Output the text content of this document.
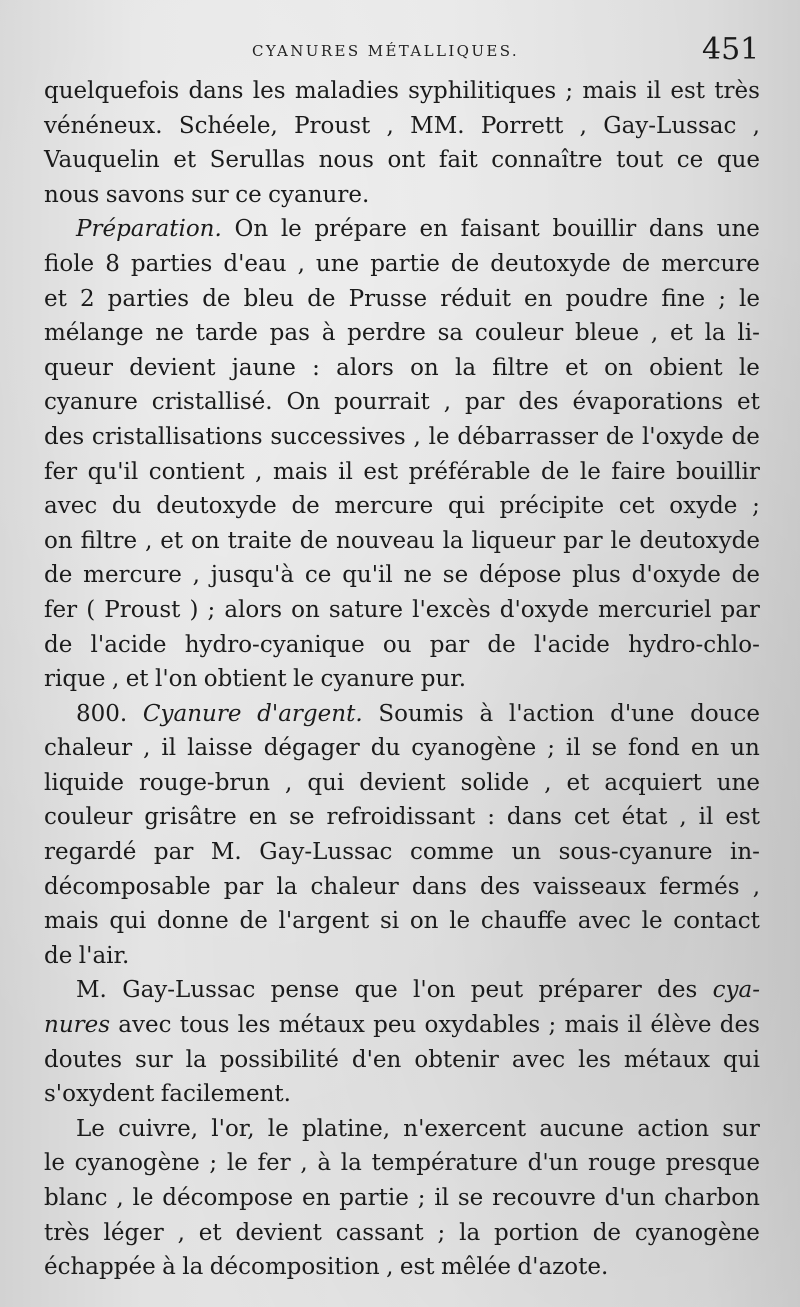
CYANURES MÉTALLIQUES.	451
quelquefois dans les maladies syphilitiques ; mais il est très
vénéneux. Schéele, Proust , MM. Porrett , Gay-Lussac ,
Vauquelin et Serullas nous ont fait connaître tout ce que
nous savons sur ce cyanure.
Préparation. On le prépare en faisant bouillir dans une
fiole 8 parties d'eau , une partie de deutoxyde de mercure
et 2 parties de bleu de Prusse réduit en poudre fine ; le
mélange ne tarde pas à perdre sa couleur bleue , et la li-
queur devient jaune : alors on la filtre et on obient le
cyanure cristallisé. On pourrait , par des évaporations et
des cristallisations successives , le débarrasser de l'oxyde de
fer qu'il contient , mais il est préférable de le faire bouillir
avec du deutoxyde de mercure qui précipite cet oxyde ;
on filtre , et on traite de nouveau la liqueur par le deutoxyde
de mercure , jusqu'à ce qu'il ne se dépose plus d'oxyde de
fer ( Proust ) ; alors on sature l'excès d'oxyde mercuriel par
de l'acide hydro-cyanique ou par de l'acide hydro-chlo-
rique , et l'on obtient le cyanure pur.
800. Cyanure d'argent. Soumis à l'action d'une douce
chaleur , il laisse dégager du cyanogène ; il se fond en un
liquide rouge-brun , qui devient solide , et acquiert une
couleur grisâtre en se refroidissant : dans cet état , il est
regardé par M. Gay-Lussac comme un sous-cyanure in-
décomposable par la chaleur dans des vaisseaux fermés ,
mais qui donne de l'argent si on le chauffe avec le contact
de l'air.
M. Gay-Lussac pense que l'on peut préparer des cya-
nures avec tous les métaux peu oxydables ; mais il élève des
doutes sur la possibilité d'en obtenir avec les métaux qui
s'oxydent facilement.
Le cuivre, l'or, le platine, n'exercent aucune action sur
le cyanogène ; le fer , à la température d'un rouge presque
blanc , le décompose en partie ; il se recouvre d'un charbon
très léger , et devient cassant ; la portion de cyanogène
échappée à la décomposition , est mêlée d'azote.
